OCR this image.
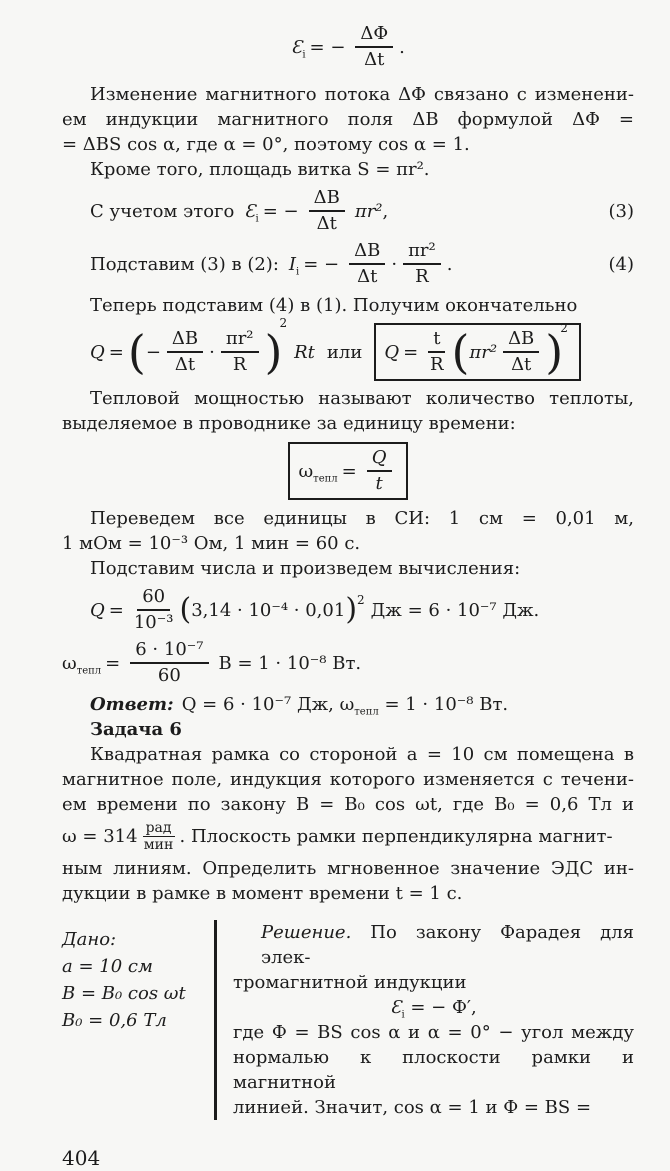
$Ɛ_i$ = − $\frac{\Delta\Phi}{\Delta t}$ .
Изменение магнитного потока ΔΦ связано с изменени-
ем индукции магнитного поля ΔB формулой ΔΦ =
= ΔBS cos α, где α = 0°, поэтому cos α = 1.
Кроме того, площадь витка S = πr².
С учетом этого $Ɛ_i$ = − $\frac{\Delta B}{\Delta t} \pi r^2$ ,	(3)
Подставим (3) в (2): $I_i$ = − $\frac{\Delta B}{\Delta t} \cdot \frac{\text{πr²}}{R}$ .	(4)
Теперь подставим (4) в (1). Получим окончательно
Q = ( − $\frac{\Delta B}{\Delta t} \cdot \frac{\text{πr²}}{R}$ )
2
Rt или $Q = \frac{t}{R}$ ( $\pi r^2 \frac{\Delta B}{\Delta t}$ )
2
Тепловой мощностью называют количество теплоты,
выделяемое в проводнике за единицу времени:
$\omega_{тепл} = \frac{Q}{t}$
Переведем все единицы в СИ: 1 см = 0,01 м,
1 мОм = 10⁻³ Ом, 1 мин = 60 с.
Подставим числа и произведем вычисления:
$Q = \frac{60}{\text{10⁻³}}$ ( 3,14 · 10⁻⁴ · 0,01 )$^2$ Дж = 6 · 10⁻⁷ Дж .
$\omega_{тепл} = \frac{\text{6 · 10⁻⁷}}{60}$ В = 1 · 10⁻⁸ Вт.
Ответ: Q = 6 · 10⁻⁷ Дж, $\omega_{тепл} = 1 \cdot 10^{-8}$ Вт.
Задача 6
Квадратная рамка со стороной a = 10 см помещена в
магнитное поле, индукция которого изменяется с течени-
ем времени по закону B = B₀ cos ωt, где B₀ = 0,6 Тл и
$\omega = 314 \frac{\text{рад}}{\text{мин}}$ . Плоскость рамки перпендикулярна магнит-
ным линиям. Определить мгновенное значение ЭДС ин-
дукции в рамке в момент времени t = 1 с.
Дано:
a = 10 см
B = B₀ cos ωt
B₀ = 0,6 Тл
Решение. По закону Фарадея для элек-
тромагнитной индукции
$Ɛ_i$ = − Ф′,
где Ф = BS cos α и α = 0° − угол между
нормалью к плоскости рамки и магнитной
линией. Значит, cos α = 1 и Ф = BS =
404
